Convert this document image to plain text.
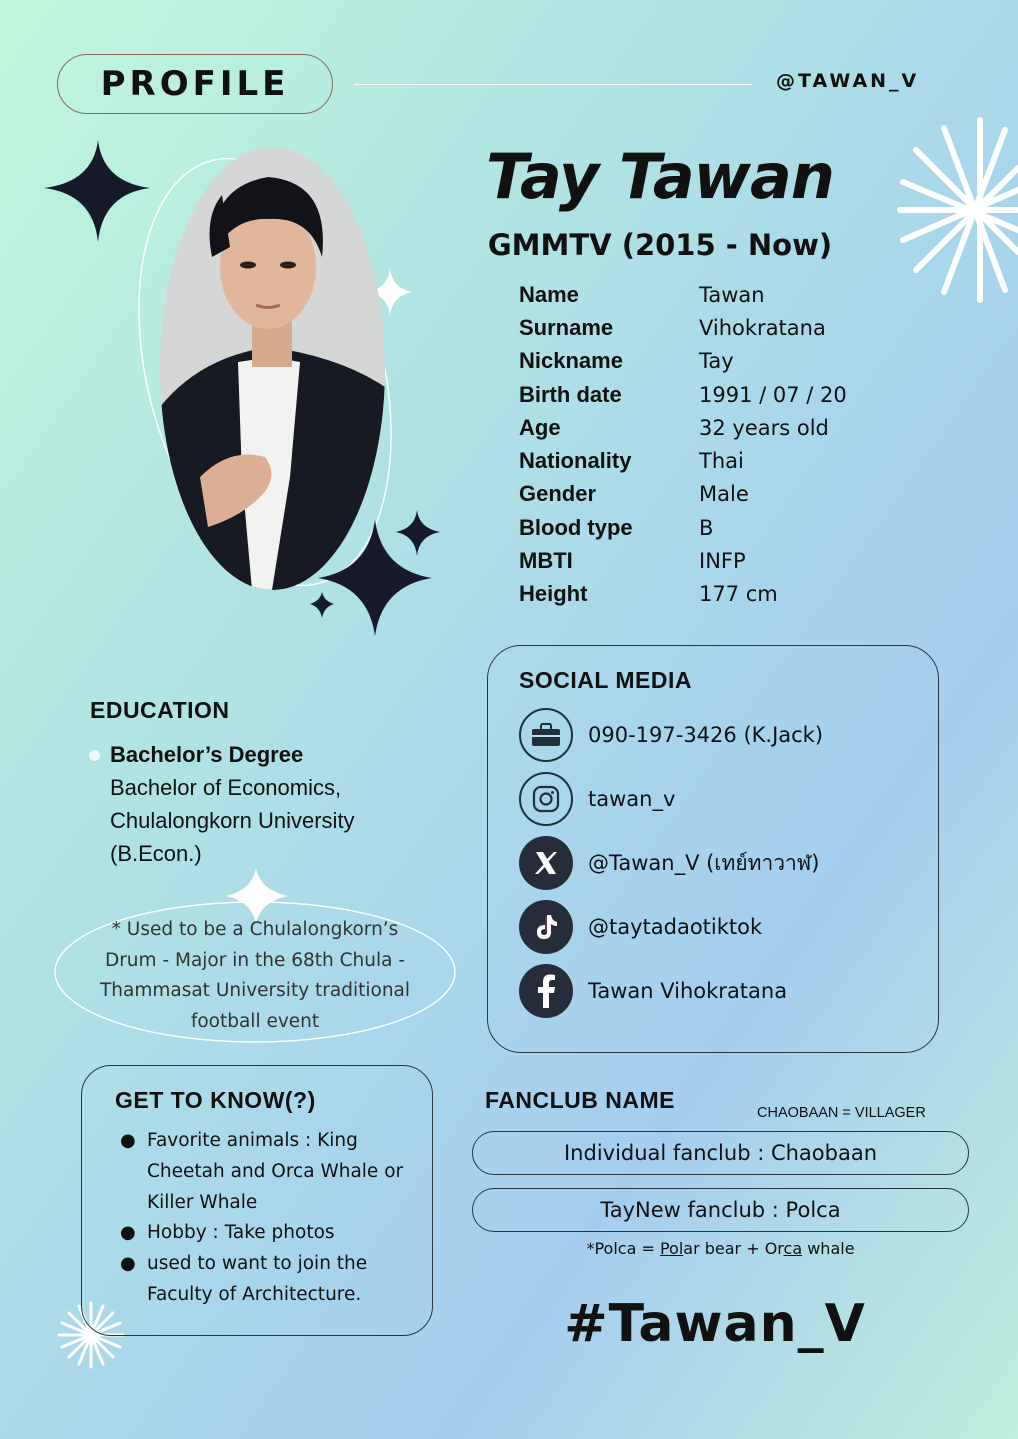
PROFILE	@TAWAN_V
Tay Tawan
GMMTV (2015 - Now)
Name	Tawan
Surname	Vihokratana
Nickname	Tay
Birth date	1991 / 07 / 20
Age	32 years old
Nationality	Thai
Gender	Male
Blood type	B
MBTI	INFP
Height	177 cm
EDUCATION
Bachelor’s Degree
Bachelor of Economics,
Chulalongkorn University
(B.Econ.)
* Used to be a Chulalongkorn’s Drum - Major in the 68th Chula - Thammasat University traditional football event
SOCIAL MEDIA
090-197-3426 (K.Jack)
tawan_v
@Tawan_V (เทย์ทาวาฬ)
@taytadaotiktok
Tawan Vihokratana
GET TO KNOW(?)
● Favorite animals : King Cheetah and Orca Whale or Killer Whale
● Hobby : Take photos
● used to want to join the Faculty of Architecture.
FANCLUB NAME	CHAOBAAN = VILLAGER
Individual fanclub : Chaobaan
TayNew fanclub : Polca
*Polca = Polar bear + Orca whale
#Tawan_V
